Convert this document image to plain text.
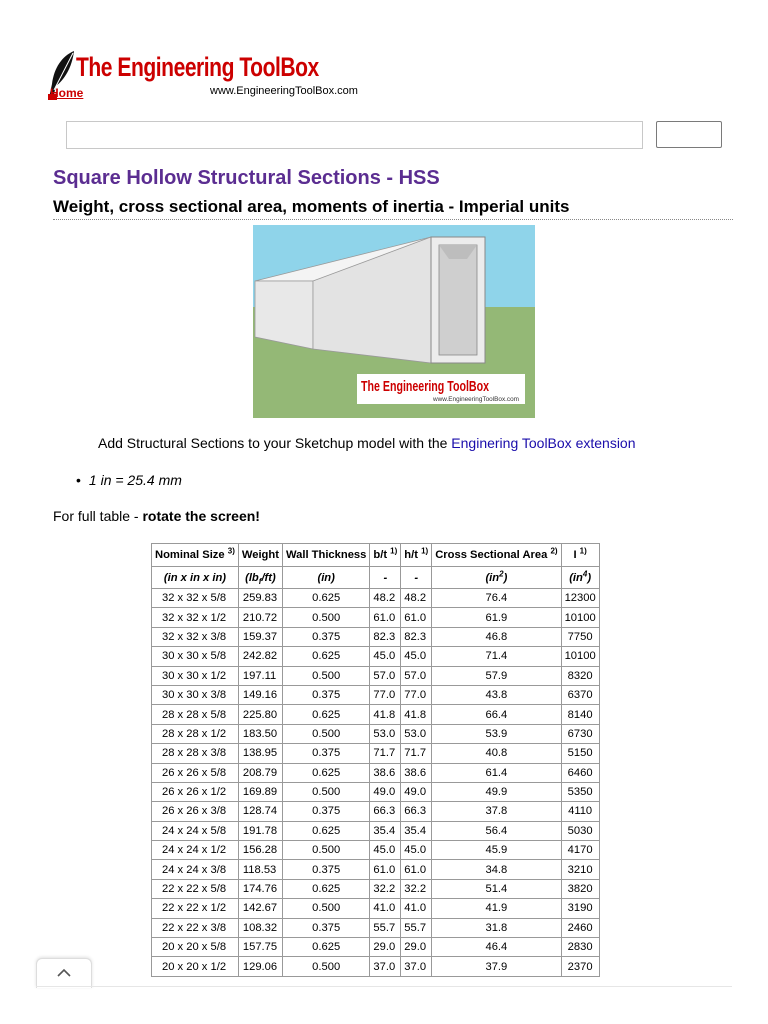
The Engineering ToolBox
www.EngineeringToolBox.com
Home
Square Hollow Structural Sections - HSS
Weight, cross sectional area, moments of inertia - Imperial units
The Engineering ToolBox
www.EngineeringToolBox.com

Add Structural Sections to your Sketchup model with the Enginering ToolBox extension

• 1 in = 25.4 mm

For full table - rotate the screen!

Nominal Size $^{3)}$	Weight	Wall Thickness	b/t $^{1)}$	h/t $^{1)}$	Cross Sectional Area $^{2)}$	I $^{1)}$
(in x in x in)	$(lb_f/ft)$	(in)	-	-	$(in^2)$	$(in^4)$
32 x 32 x 5/8	259.83	0.625	48.2	48.2	76.4	12300
32 x 32 x 1/2	210.72	0.500	61.0	61.0	61.9	10100
32 x 32 x 3/8	159.37	0.375	82.3	82.3	46.8	7750
30 x 30 x 5/8	242.82	0.625	45.0	45.0	71.4	10100
30 x 30 x 1/2	197.11	0.500	57.0	57.0	57.9	8320
30 x 30 x 3/8	149.16	0.375	77.0	77.0	43.8	6370
28 x 28 x 5/8	225.80	0.625	41.8	41.8	66.4	8140
28 x 28 x 1/2	183.50	0.500	53.0	53.0	53.9	6730
28 x 28 x 3/8	138.95	0.375	71.7	71.7	40.8	5150
26 x 26 x 5/8	208.79	0.625	38.6	38.6	61.4	6460
26 x 26 x 1/2	169.89	0.500	49.0	49.0	49.9	5350
26 x 26 x 3/8	128.74	0.375	66.3	66.3	37.8	4110
24 x 24 x 5/8	191.78	0.625	35.4	35.4	56.4	5030
24 x 24 x 1/2	156.28	0.500	45.0	45.0	45.9	4170
24 x 24 x 3/8	118.53	0.375	61.0	61.0	34.8	3210
22 x 22 x 5/8	174.76	0.625	32.2	32.2	51.4	3820
22 x 22 x 1/2	142.67	0.500	41.0	41.0	41.9	3190
22 x 22 x 3/8	108.32	0.375	55.7	55.7	31.8	2460
20 x 20 x 5/8	157.75	0.625	29.0	29.0	46.4	2830
20 x 20 x 1/2	129.06	0.500	37.0	37.0	37.9	2370
